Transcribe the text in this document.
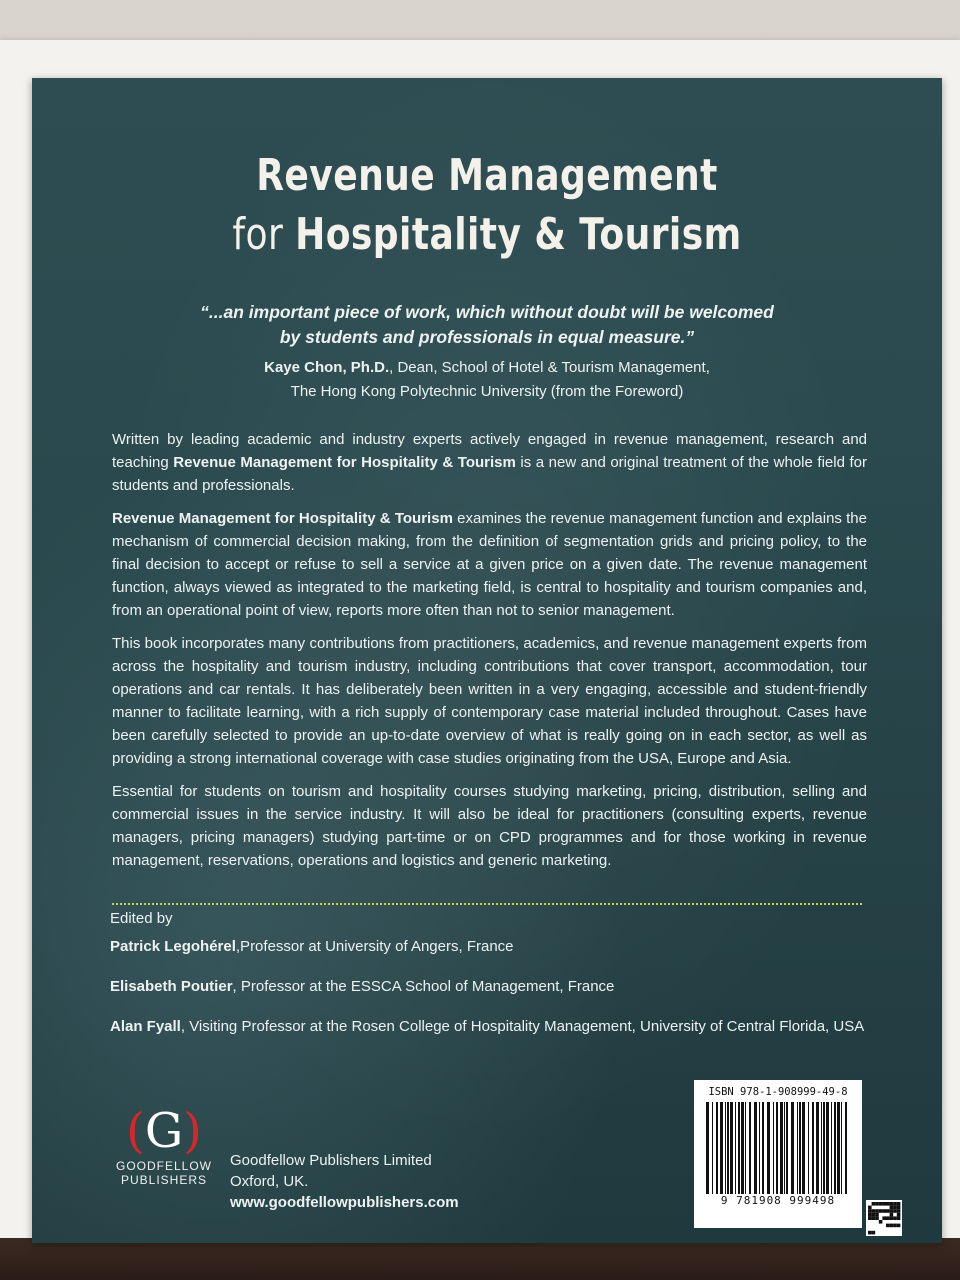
Revenue Management
for Hospitality & Tourism
“...an important piece of work, which without doubt will be welcomed
by students and professionals in equal measure.”
Kaye Chon, Ph.D., Dean, School of Hotel & Tourism Management,
The Hong Kong Polytechnic University (from the Foreword)

Written by leading academic and industry experts actively engaged in revenue management, research and teaching Revenue Management for Hospitality & Tourism is a new and original treatment of the whole field for students and professionals.

Revenue Management for Hospitality & Tourism examines the revenue management function and explains the mechanism of commercial decision making, from the definition of segmentation grids and pricing policy, to the final decision to accept or refuse to sell a service at a given price on a given date. The revenue management function, always viewed as integrated to the marketing field, is central to hospitality and tourism companies and, from an operational point of view, reports more often than not to senior management.

This book incorporates many contributions from practitioners, academics, and revenue management experts from across the hospitality and tourism industry, including contributions that cover transport, accommodation, tour operations and car rentals. It has deliberately been written in a very engaging, accessible and student-friendly manner to facilitate learning, with a rich supply of contemporary case material included throughout. Cases have been carefully selected to provide an up-to-date overview of what is really going on in each sector, as well as providing a strong international coverage with case studies originating from the USA, Europe and Asia.

Essential for students on tourism and hospitality courses studying marketing, pricing, distribution, selling and commercial issues in the service industry. It will also be ideal for practitioners (consulting experts, revenue managers, pricing managers) studying part-time or on CPD programmes and for those working in revenue management, reservations, operations and logistics and generic marketing.

Edited by
Patrick Legohérel,Professor at University of Angers, France
Elisabeth Poutier, Professor at the ESSCA School of Management, France
Alan Fyall, Visiting Professor at the Rosen College of Hospitality Management, University of Central Florida, USA
(G)
GOODFELLOW
PUBLISHERS
Goodfellow Publishers Limited
Oxford, UK.
www.goodfellowpublishers.com
ISBN 978-1-908999-49-8
9 781908 999498
